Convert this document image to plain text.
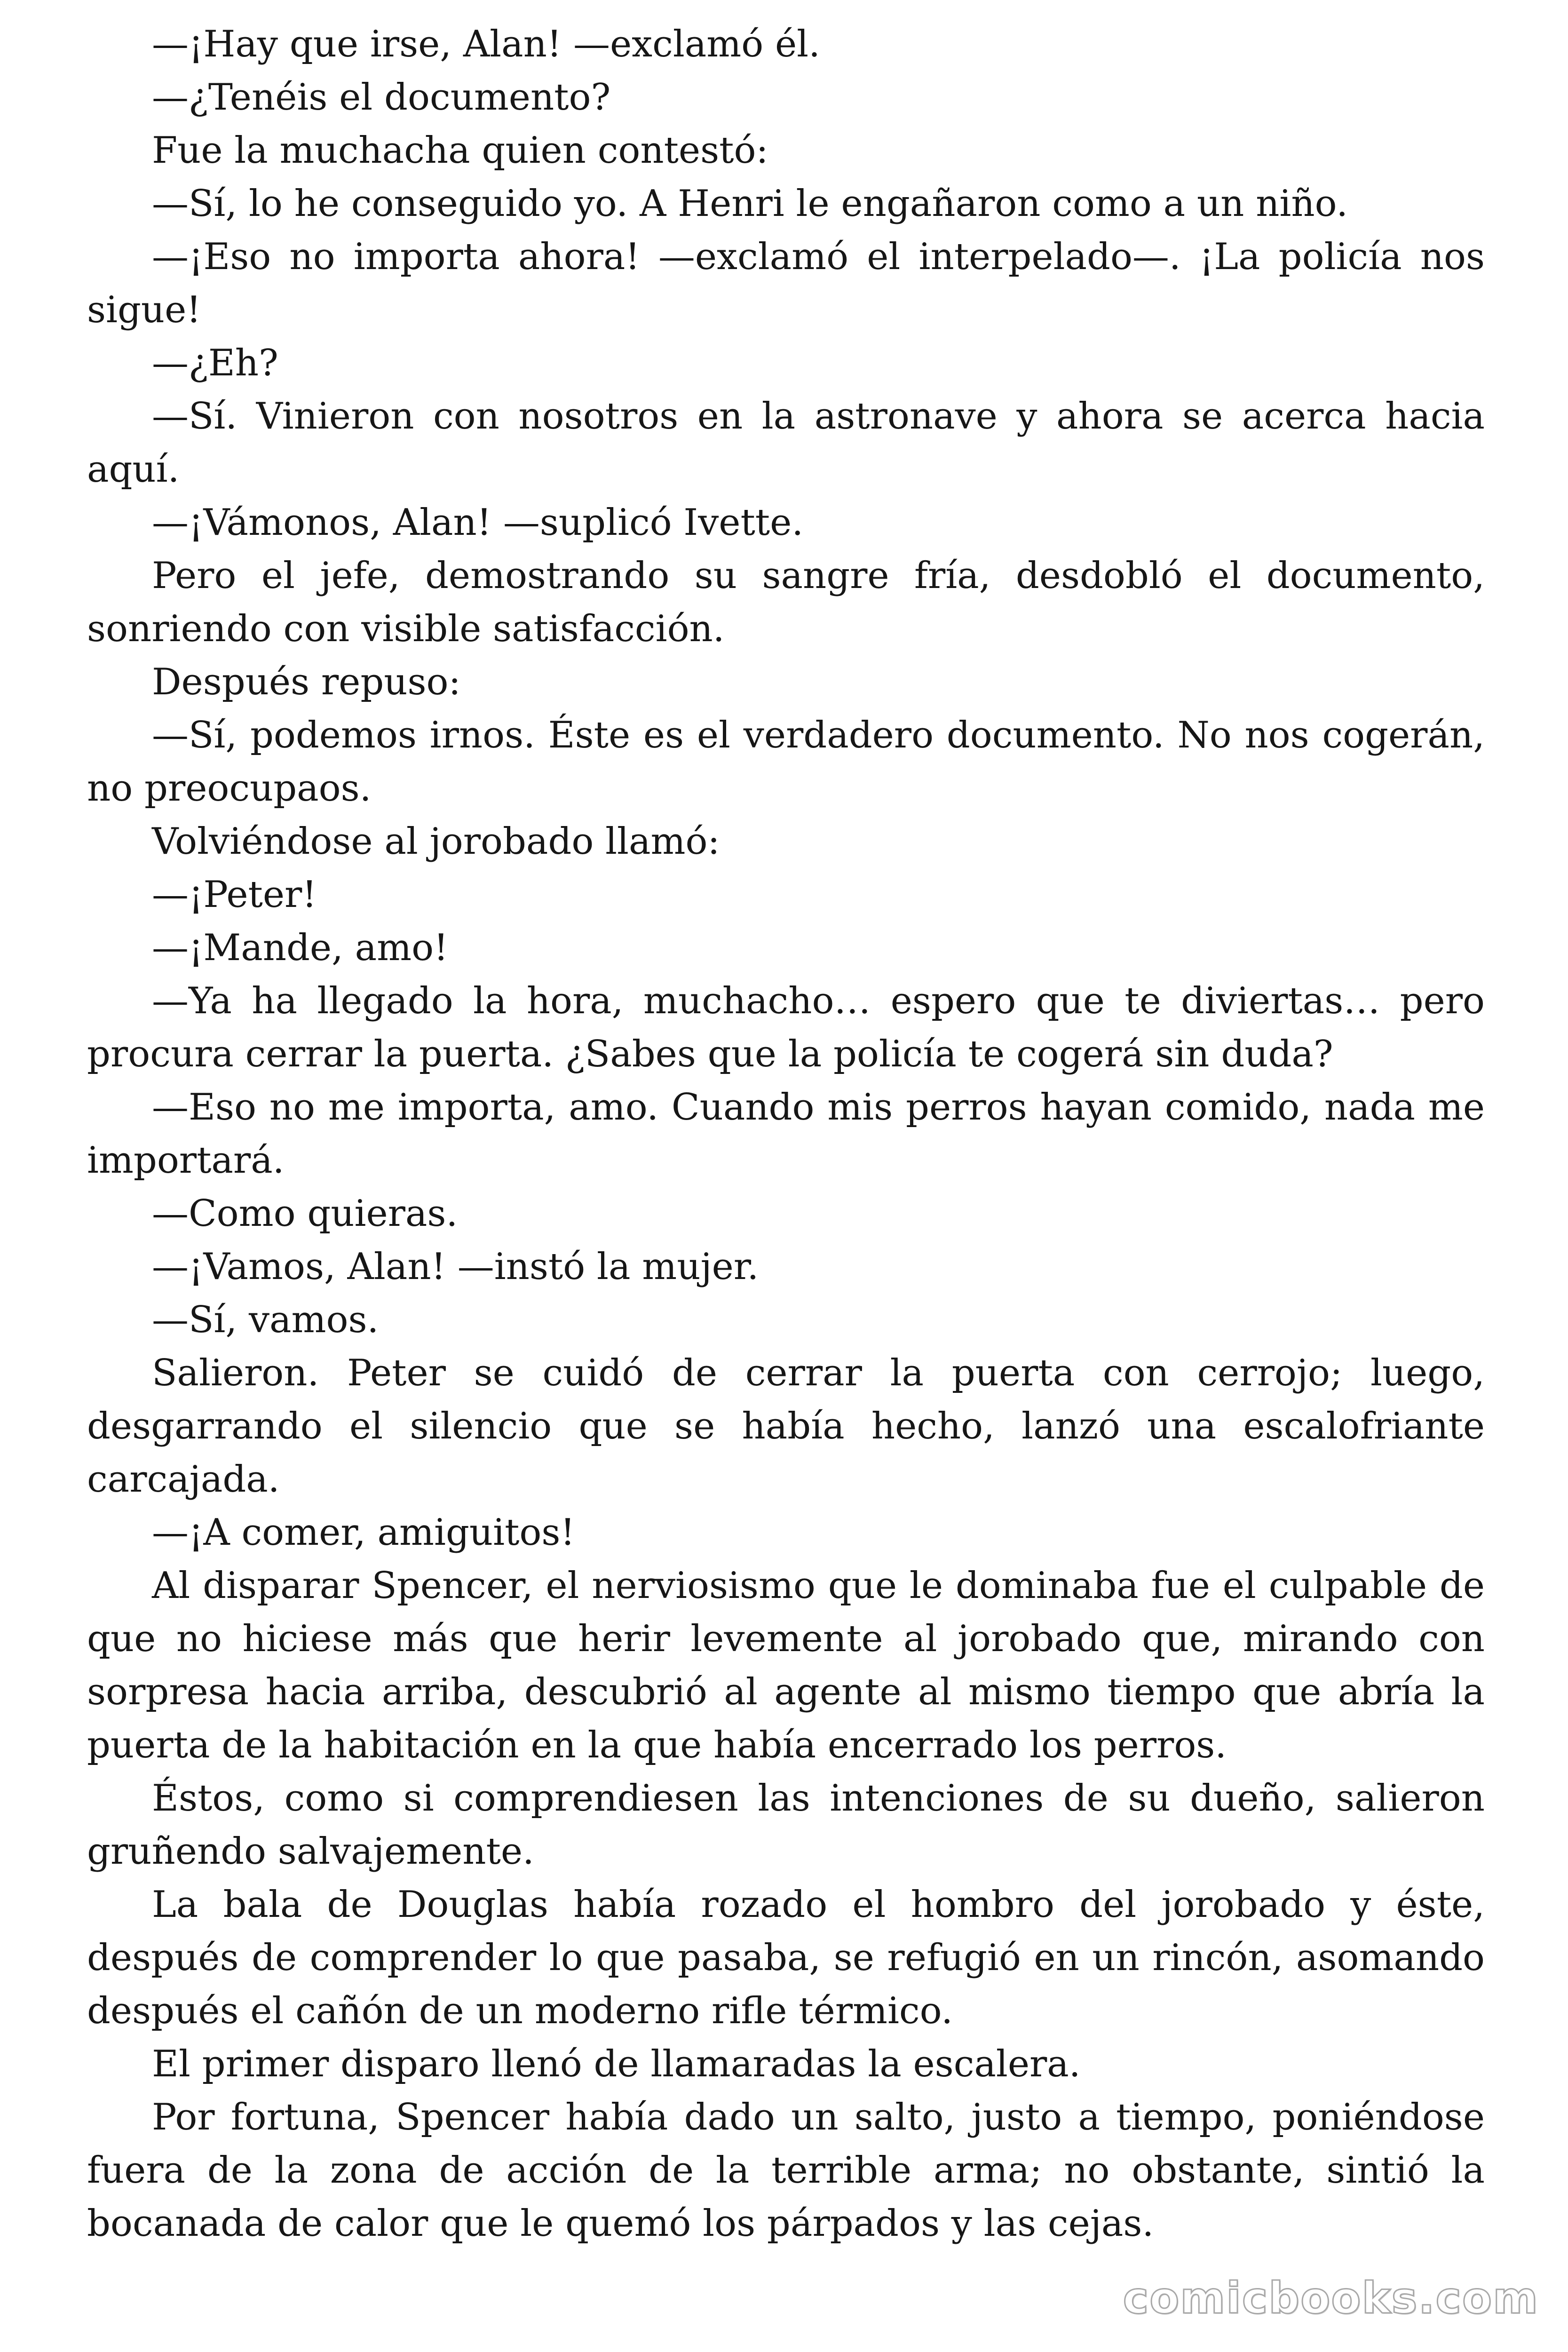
—¡Hay que irse, Alan! —exclamó él.

—¿Tenéis el documento?

Fue la muchacha quien contestó:

—Sí, lo he conseguido yo. A Henri le engañaron como a un niño.

—¡Eso no importa ahora! —exclamó el interpelado—. ¡La policía nos sigue!

—¿Eh?

—Sí. Vinieron con nosotros en la astronave y ahora se acerca hacia aquí.

—¡Vámonos, Alan! —suplicó Ivette.

Pero el jefe, demostrando su sangre fría, desdobló el documento, sonriendo con visible satisfacción.

Después repuso:

—Sí, podemos irnos. Éste es el verdadero documento. No nos cogerán, no preocupaos.

Volviéndose al jorobado llamó:

—¡Peter!

—¡Mande, amo!

—Ya ha llegado la hora, muchacho… espero que te diviertas… pero procura cerrar la puerta. ¿Sabes que la policía te cogerá sin duda?

—Eso no me importa, amo. Cuando mis perros hayan comido, nada me importará.

—Como quieras.

—¡Vamos, Alan! —instó la mujer.

—Sí, vamos.

Salieron. Peter se cuidó de cerrar la puerta con cerrojo; luego, desgarrando el silencio que se había hecho, lanzó una escalofriante carcajada.

—¡A comer, amiguitos!

Al disparar Spencer, el nerviosismo que le dominaba fue el culpable de que no hiciese más que herir levemente al jorobado que, mirando con sorpresa hacia arriba, descubrió al agente al mismo tiempo que abría la puerta de la habitación en la que había encerrado los perros.

Éstos, como si comprendiesen las intenciones de su dueño, salieron gruñendo salvajemente.

La bala de Douglas había rozado el hombro del jorobado y éste, después de comprender lo que pasaba, se refugió en un rincón, asomando después el cañón de un moderno rifle térmico.

El primer disparo llenó de llamaradas la escalera.

Por fortuna, Spencer había dado un salto, justo a tiempo, poniéndose fuera de la zona de acción de la terrible arma; no obstante, sintió la bocanada de calor que le quemó los párpados y las cejas.

comicbooks.com
